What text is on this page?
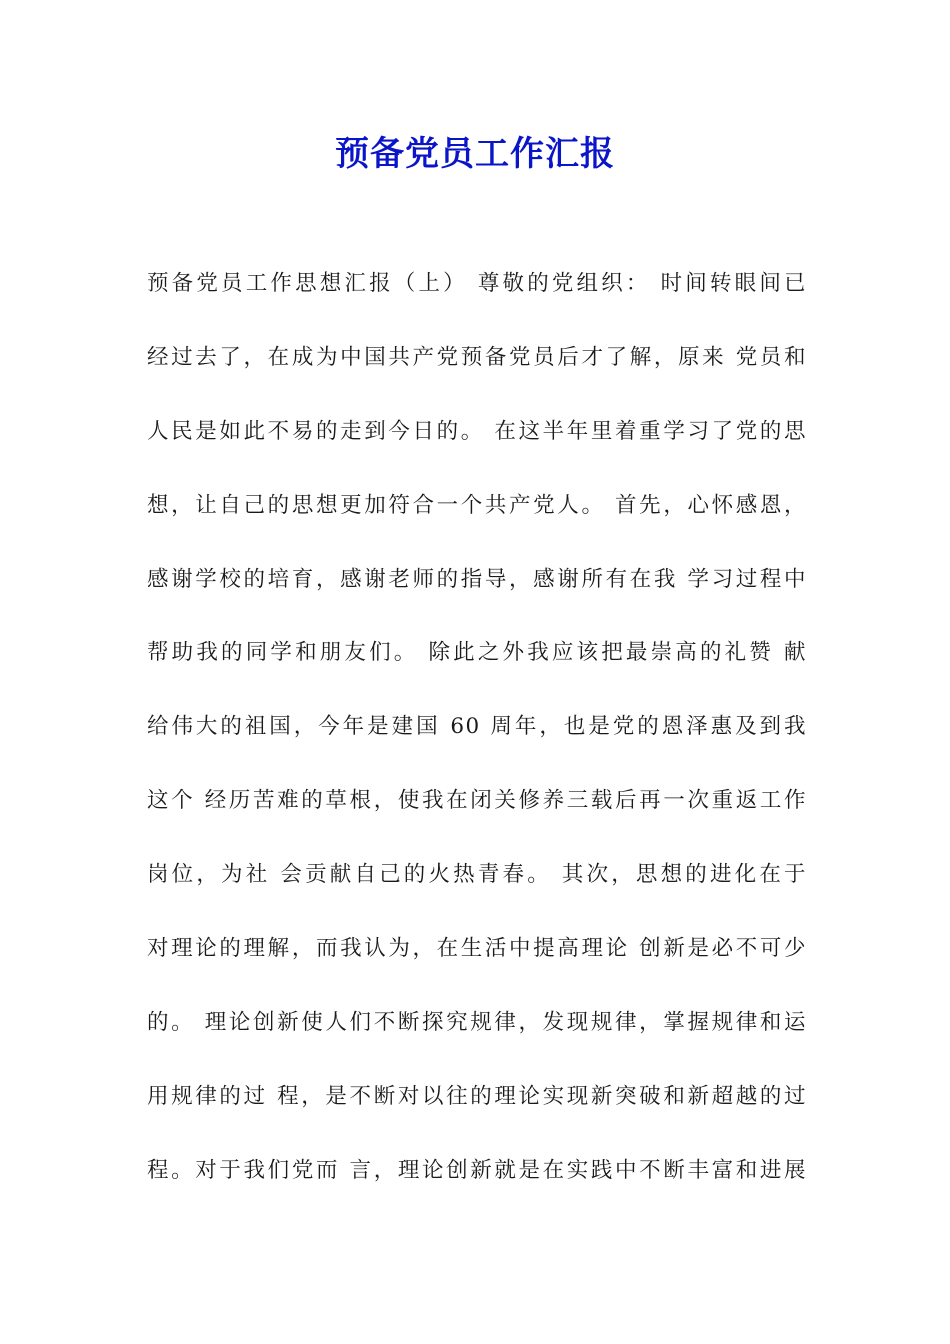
预备党员工作汇报
预备党员工作思想汇报（上） 尊敬的党组织： 时间转眼间已
经过去了，在成为中国共产党预备党员后才了解，原来 党员和
人民是如此不易的走到今日的。 在这半年里着重学习了党的思
想，让自己的思想更加符合一个共产党人。 首先，心怀感恩，
感谢学校的培育，感谢老师的指导，感谢所有在我 学习过程中
帮助我的同学和朋友们。 除此之外我应该把最崇高的礼赞 献
给伟大的祖国，今年是建国 60 周年，也是党的恩泽惠及到我
这个 经历苦难的草根，使我在闭关修养三载后再一次重返工作
岗位，为社 会贡献自己的火热青春。 其次，思想的进化在于
对理论的理解，而我认为，在生活中提高理论 创新是必不可少
的。 理论创新使人们不断探究规律，发现规律，掌握规律和运
用规律的过 程，是不断对以往的理论实现新突破和新超越的过
程。对于我们党而 言，理论创新就是在实践中不断丰富和进展
